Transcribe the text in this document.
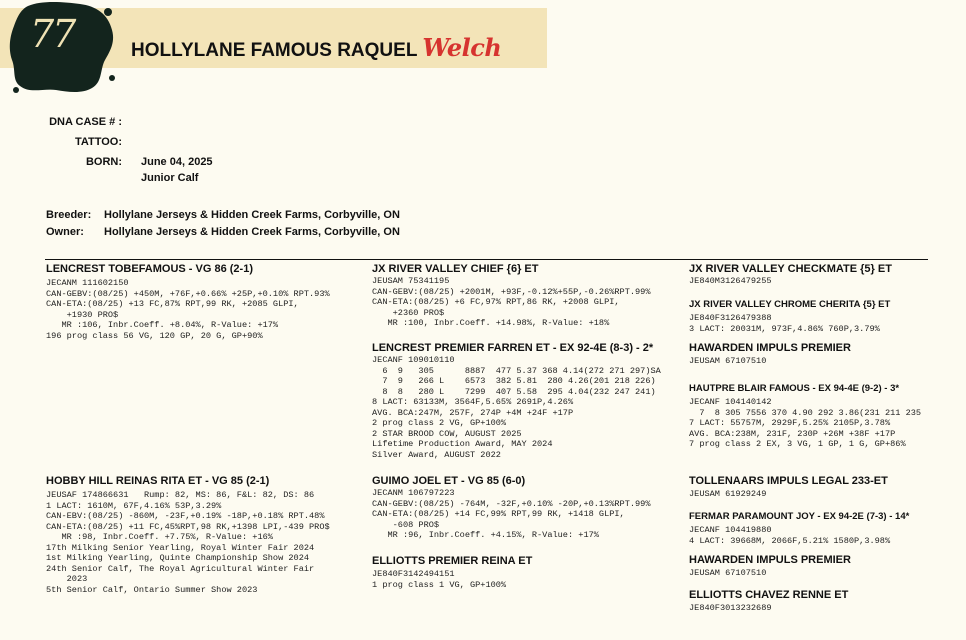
77	HOLLYLANE FAMOUS RAQUEL Welch
DNA CASE # :
TATTOO:
BORN: June 04, 2025
Junior Calf
Breeder: Hollylane Jerseys & Hidden Creek Farms, Corbyville, ON
Owner: Hollylane Jerseys & Hidden Creek Farms, Corbyville, ON
LENCREST TOBEFAMOUS - VG 86 (2-1)
JECANM 111602150
CAN-GEBV:(08/25) +450M, +76F,+0.66% +25P,+0.10% RPT.93%
CAN-ETA:(08/25) +13 FC,87% RPT,99 RK, +2085 GLPI,
+1930 PRO$
MR :106, Inbr.Coeff. +8.04%, R-Value: +17%
196 prog class 56 VG, 120 GP, 20 G, GP+90%
HOBBY HILL REINAS RITA ET - VG 85 (2-1)
JEUSAF 174866631   Rump: 82, MS: 86, F&L: 82, DS: 86
1 LACT: 1610M, 67F,4.16% 53P,3.29%
CAN-EBV:(08/25) -860M, -23F,+0.19% -18P,+0.18% RPT.48%
CAN-ETA:(08/25) +11 FC,45%RPT,98 RK,+1398 LPI,-439 PRO$
MR :98, Inbr.Coeff. +7.75%, R-Value: +16%
17th Milking Senior Yearling, Royal Winter Fair 2024
1st Milking Yearling, Quinte Championship Show 2024
24th Senior Calf, The Royal Agricultural Winter Fair
2023
5th Senior Calf, Ontario Summer Show 2023
JX RIVER VALLEY CHIEF {6} ET
JEUSAM 75341195
CAN-GEBV:(08/25) +2001M, +93F,-0.12%+55P,-0.26%RPT.99%
CAN-ETA:(08/25) +6 FC,97% RPT,86 RK, +2008 GLPI,
+2360 PRO$
MR :100, Inbr.Coeff. +14.98%, R-Value: +18%
LENCREST PREMIER FARREN ET - EX 92-4E (8-3) - 2*
JECANF 109010110
6  9   305      8887  477 5.37 368 4.14(272 271 297)SA
7  9   266 L    6573  382 5.81  280 4.26(201 218 226)
8  8   280 L    7299  407 5.58  295 4.04(232 247 241)
8 LACT: 63133M, 3564F,5.65% 2691P,4.26%
AVG. BCA:247M, 257F, 274P +4M +24F +17P
2 prog class 2 VG, GP+100%
2 STAR BROOD COW, AUGUST 2025
Lifetime Production Award, MAY 2024
Silver Award, AUGUST 2022
GUIMO JOEL ET - VG 85 (6-0)
JECANM 106797223
CAN-GEBV:(08/25) -764M, -32F,+0.10% -20P,+0.13%RPT.99%
CAN-ETA:(08/25) +14 FC,99% RPT,99 RK, +1418 GLPI,
-608 PRO$
MR :96, Inbr.Coeff. +4.15%, R-Value: +17%
ELLIOTTS PREMIER REINA ET
JE840F3142494151
1 prog class 1 VG, GP+100%
JX RIVER VALLEY CHECKMATE {5} ET
JE840M3126479255
JX RIVER VALLEY CHROME CHERITA {5} ET
JE840F3126479388
3 LACT: 20031M, 973F,4.86% 760P,3.79%
HAWARDEN IMPULS PREMIER
JEUSAM 67107510
HAUTPRE BLAIR FAMOUS - EX 94-4E (9-2) - 3*
JECANF 104140142
7  8 305 7556 370 4.90 292 3.86(231 211 235
7 LACT: 55757M, 2929F,5.25% 2105P,3.78%
AVG. BCA:238M, 231F, 230P +26M +38F +17P
7 prog class 2 EX, 3 VG, 1 GP, 1 G, GP+86%
TOLLENAARS IMPULS LEGAL 233-ET
JEUSAM 61929249
FERMAR PARAMOUNT JOY - EX 94-2E (7-3) - 14*
JECANF 104419880
4 LACT: 39668M, 2066F,5.21% 1580P,3.98%
HAWARDEN IMPULS PREMIER
JEUSAM 67107510
ELLIOTTS CHAVEZ RENNE ET
JE840F3013232689
